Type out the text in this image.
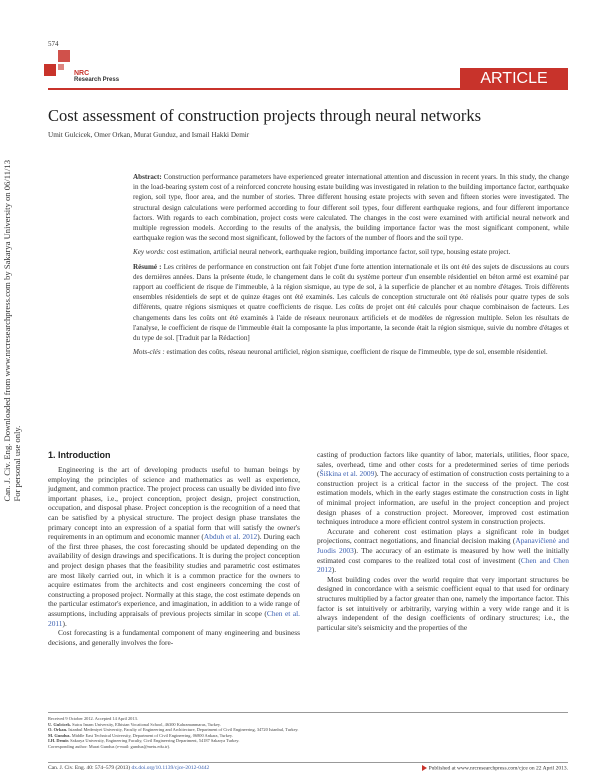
574
NRC
Research Press	ARTICLE
Can. J. Civ. Eng. Downloaded from www.nrcresearchpress.com by Sakarya University on 06/11/13
For personal use only.
Cost assessment of construction projects through neural networks
Umit Gulcicek, Omer Orkan, Murat Gunduz, and Ismail Hakki Demir

Abstract: Construction performance parameters have experienced greater international attention and discussion in recent years. In this study, the change in the load-bearing system cost of a reinforced concrete housing estate building was investigated in relation to the building importance factor, earthquake region, soil type, floor area, and the number of stories. Three different housing estate projects with seven and fifteen stories were investigated. The structural design calculations were performed according to four different soil types, four different earthquake regions, and four different importance factors. With regards to each combination, project costs were calculated. The changes in the cost were examined with artificial neural network and multiple regression models. According to the results of the analysis, the building importance factor was the most significant component, while earthquake region was the second most significant, followed by the factors of the number of floors and the soil type.

Key words: cost estimation, artificial neural network, earthquake region, building importance factor, soil type, housing estate project.

Résumé : Les critères de performance en construction ont fait l'objet d'une forte attention internationale et ils ont été des sujets de discussions au cours des dernières années. Dans la présente étude, le changement dans le coût du système porteur d'un ensemble résidentiel en béton armé est examiné par rapport au coefficient de risque de l'immeuble, à la région sismique, au type de sol, à la superficie de plancher et au nombre d'étages. Trois différents ensembles résidentiels de sept et de quinze étages ont été examinés. Les calculs de conception structurale ont été réalisés pour quatre types de sols différents, quatre régions sismiques et quatre coefficients de risque. Les coûts de projet ont été calculés pour chaque combinaison de facteurs. Les changements dans les coûts ont été examinés à l'aide de réseaux neuronaux artificiels et de modèles de régression multiple. Selon les résultats de l'analyse, le coefficient de risque de l'immeuble était la composante la plus importante, la seconde était la région sismique, suivie du nombre d'étages et du type de sol. [Traduit par la Rédaction]

Mots-clés : estimation des coûts, réseau neuronal artificiel, région sismique, coefficient de risque de l'immeuble, type de sol, ensemble résidentiel.

1. Introduction

Engineering is the art of developing products useful to human beings by employing the principles of science and mathematics as well as experience, judgment, and common practice. The project process can usually be divided into five important phases, i.e., project conception, project design, project construction, occupation, and disposal phase. Project conception is the recognition of a need that can be satisfied by a physical structure. The project design phase translates the primary concept into an expression of a spatial form that will satisfy the owner's requirements in an optimum and economic manner (Abduh et al. 2012). During each of the first three phases, the cost forecasting should be updated depending on the availability of design drawings and specifications. It is during the project conception and project design phases that the feasibility studies and parametric cost estimates are most likely carried out, in which it is a common practice for the owners to acquire estimates from the architects and cost engineers concerning the cost of constructing a proposed project. Normally at this stage, the cost estimate depends on the particular estimator's experience, and imagination, in addition to a wide range of assumptions, including appraisals of previous projects similar in scope (Chen et al. 2011).

Cost forecasting is a fundamental component of many engineering and business decisions, and generally involves the fore-

casting of production factors like quantity of labor, materials, utilities, floor space, sales, overhead, time and other costs for a predetermined series of time periods (Šiškina et al. 2009). The accuracy of estimation of construction costs pertaining to a construction project is a critical factor in the success of the project. The cost estimation models, which in the early stages estimate the construction costs in light of minimal project information, are useful in the project conception and project design phases of a construction project. Moreover, improved cost estimation techniques introduce a more efficient control system in construction projects.

Accurate and coherent cost estimation plays a significant role in budget projections, contract negotiations, and financial decision making (Apanavičienė and Juodis 2003). The accuracy of an estimate is measured by how well the initially estimated cost compares to the realized total cost of investment (Chen and Chen 2012).

Most building codes over the world require that very important structures be designed in concordance with a seismic coefficient equal to that used for ordinary structures multiplied by a factor greater than one, namely the importance factor. This factor is set intuitively or arbitrarily, varying within a very wide range and it is always independent of the design coefficients of ordinary structures; i.e., the particular site's seismicity and the properties of the

Received 9 October 2012. Accepted 14 April 2013.
U. Gulcicek. Sutcu Imam University, Elbistan Vocational School, 46300 Kahramanmaras, Turkey.
O. Orkan. Istanbul Medeniyet University, Faculty of Engineering and Architecture, Department of Civil Engineering, 34720 Istanbul, Turkey.
M. Gunduz. Middle East Technical University, Department of Civil Engineering, 06800 Ankara, Turkey.
I.H. Demir. Sakarya University, Engineering Faculty, Civil Engineering Department, 54187 Sakarya Turkey.
Corresponding author: Murat Gunduz (e-mail: gunduz@metu.edu.tr).
Can. J. Civ. Eng. 40: 574–579 (2013) dx.doi.org/10.1139/cjce-2012-0442	Published at www.nrcresearchpress.com/cjce on 22 April 2013.
